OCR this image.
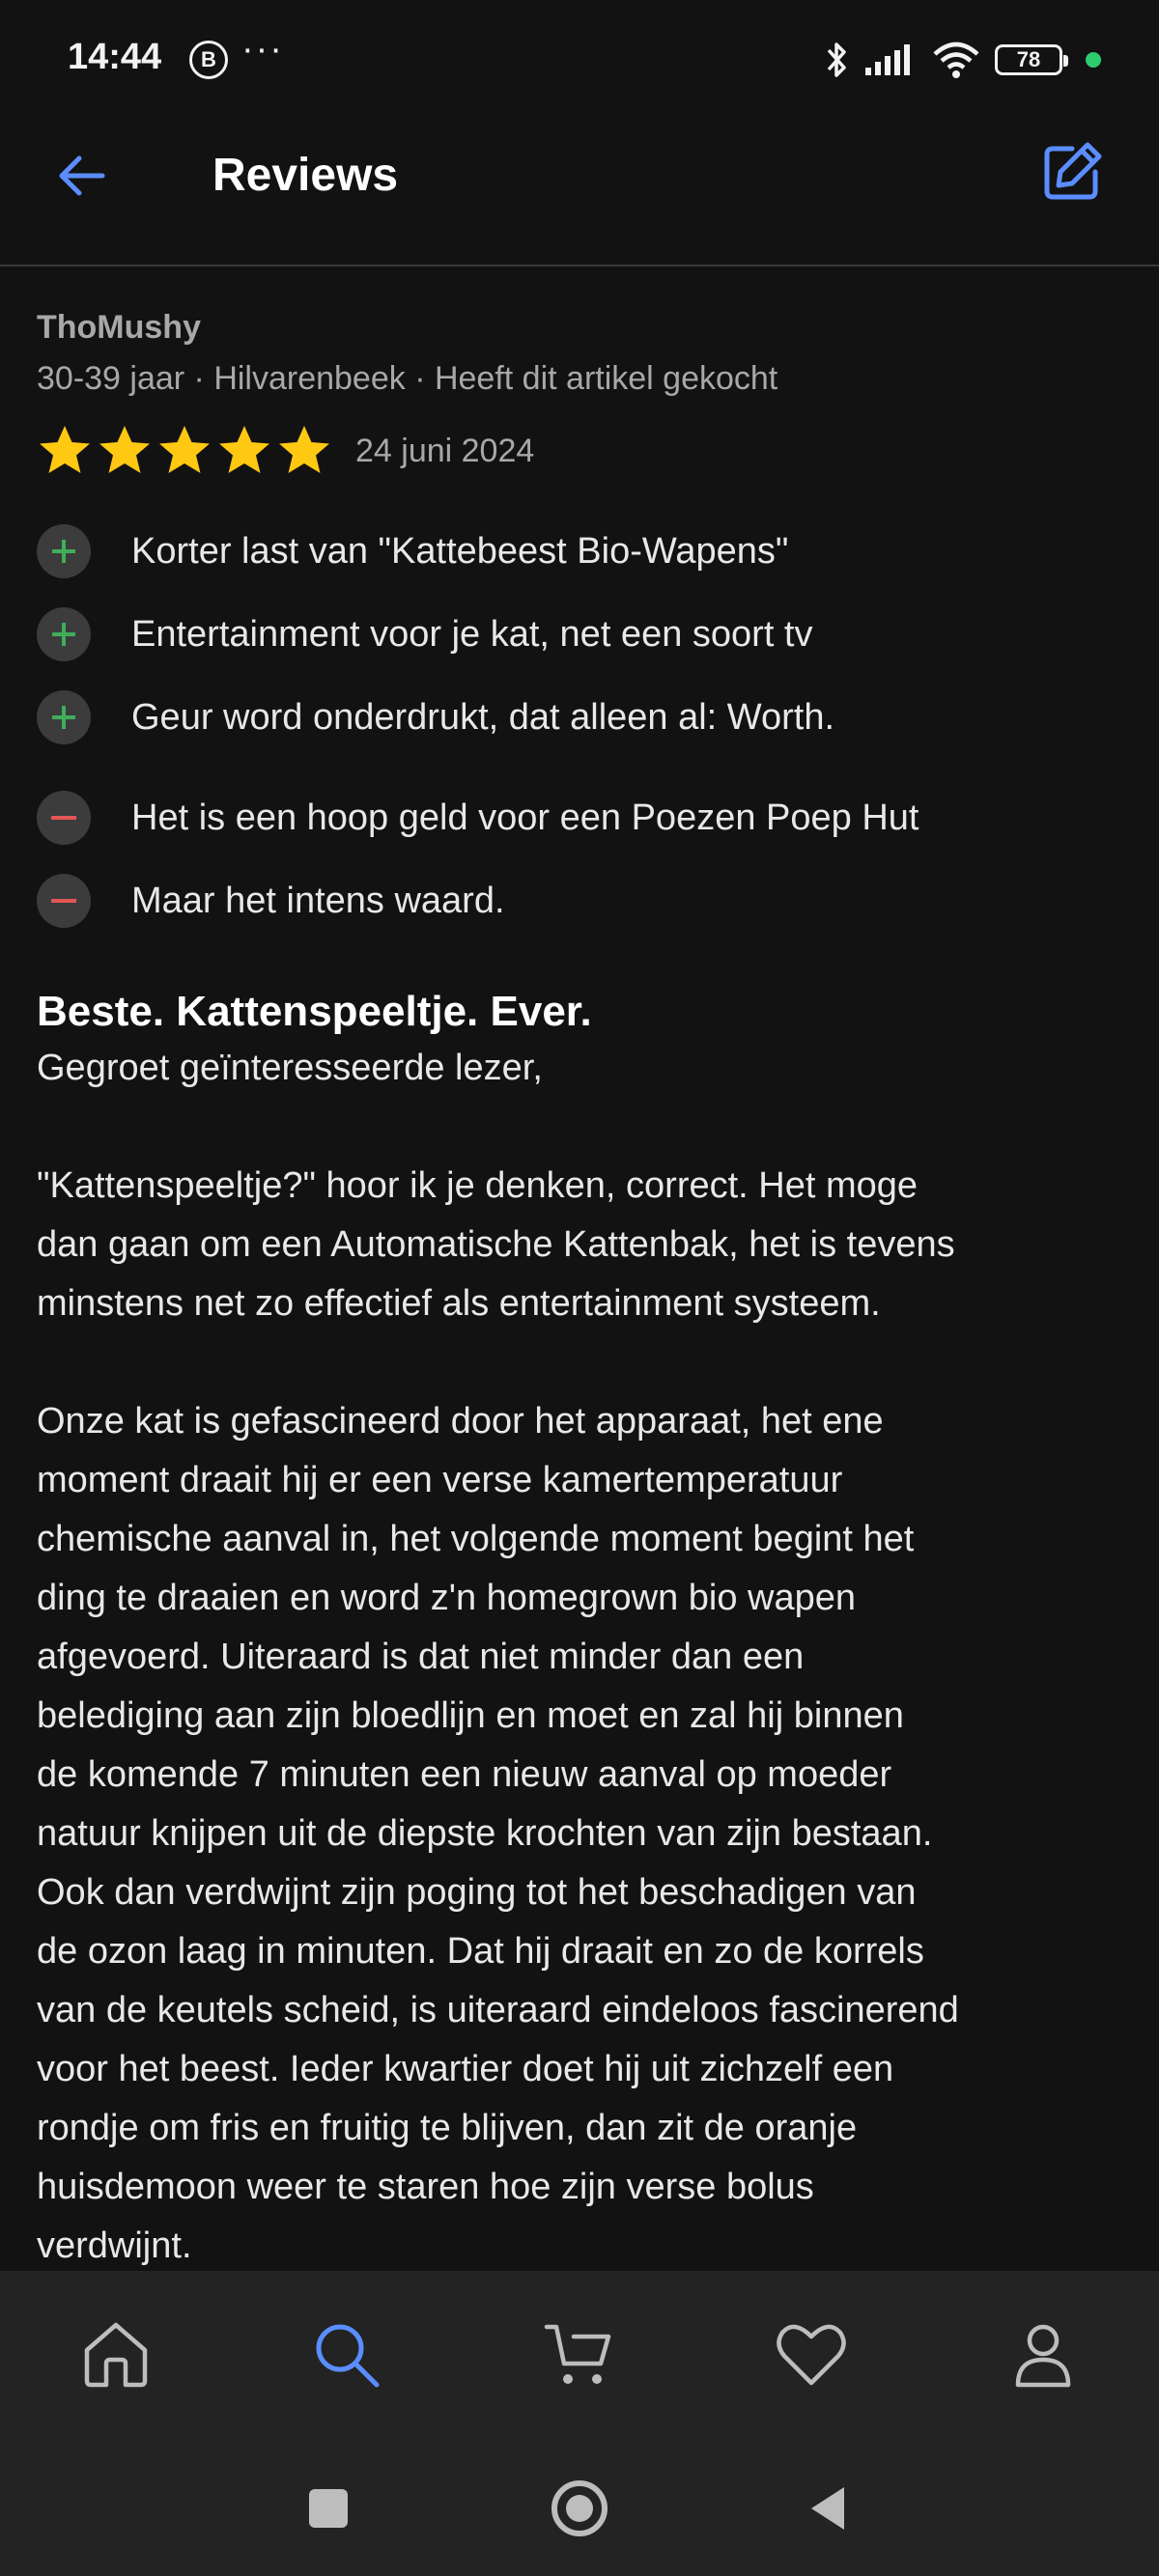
14:44	B ···	78
Reviews
ThoMushy
30-39 jaar · Hilvarenbeek · Heeft dit artikel gekocht
24 juni 2024
Korter last van "Kattebeest Bio-Wapens"
Entertainment voor je kat, net een soort tv
Geur word onderdrukt, dat alleen al: Worth.
Het is een hoop geld voor een Poezen Poep Hut
Maar het intens waard.
Beste. Kattenspeeltje. Ever.
Gegroet geïnteresseerde lezer,
"Kattenspeeltje?" hoor ik je denken, correct. Het moge
dan gaan om een Automatische Kattenbak, het is tevens
minstens net zo effectief als entertainment systeem.
Onze kat is gefascineerd door het apparaat, het ene
moment draait hij er een verse kamertemperatuur
chemische aanval in, het volgende moment begint het
ding te draaien en word z'n homegrown bio wapen
afgevoerd. Uiteraard is dat niet minder dan een
belediging aan zijn bloedlijn en moet en zal hij binnen
de komende 7 minuten een nieuw aanval op moeder
natuur knijpen uit de diepste krochten van zijn bestaan.
Ook dan verdwijnt zijn poging tot het beschadigen van
de ozon laag in minuten. Dat hij draait en zo de korrels
van de keutels scheid, is uiteraard eindeloos fascinerend
voor het beest. Ieder kwartier doet hij uit zichzelf een
rondje om fris en fruitig te blijven, dan zit de oranje
huisdemoon weer te staren hoe zijn verse bolus
verdwijnt.
